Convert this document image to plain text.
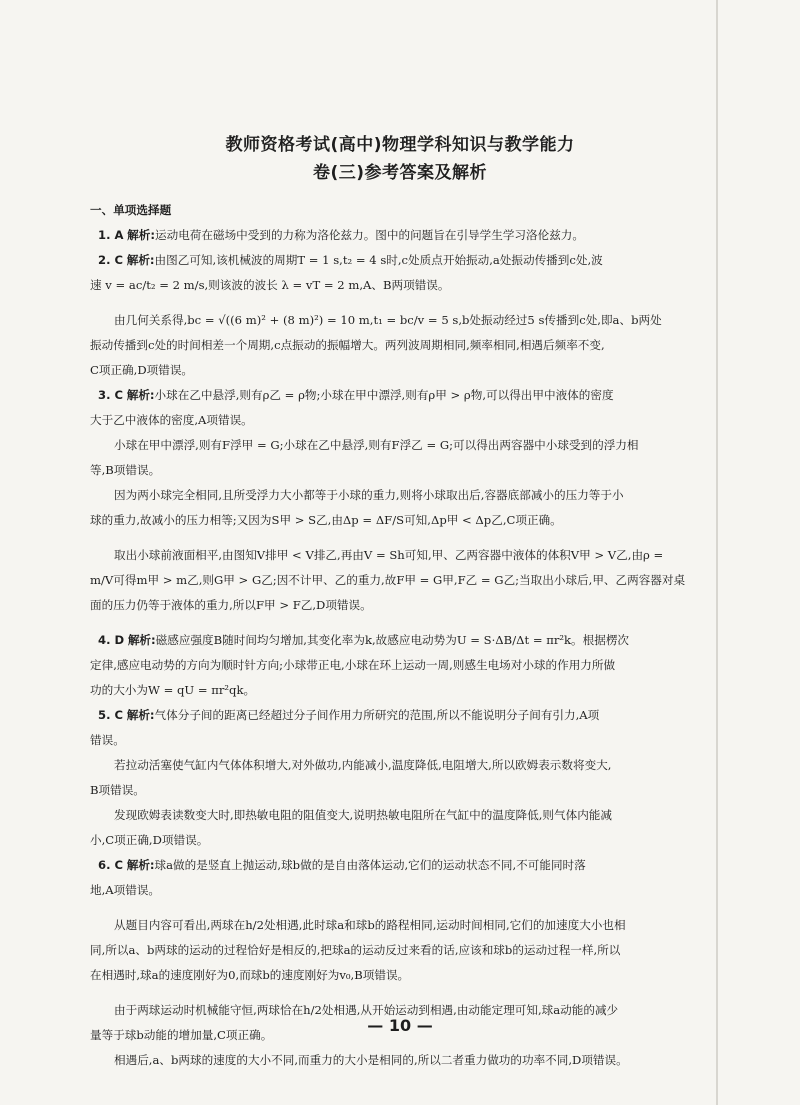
教师资格考试(高中)物理学科知识与教学能力
卷(三)参考答案及解析

一、单项选择题

1. A 解析:运动电荷在磁场中受到的力称为洛伦兹力。图中的问题旨在引导学生学习洛伦兹力。

2. C 解析:由图乙可知,该机械波的周期T = 1 s,t₂ = 4 s时,c处质点开始振动,a处振动传播到c处,波

速 v = ac/t₂ = 2 m/s,则该波的波长 λ = vT = 2 m,A、B两项错误。

由几何关系得,bc = √((6 m)² + (8 m)²) = 10 m,t₁ = bc/v = 5 s,b处振动经过5 s传播到c处,即a、b两处

振动传播到c处的时间相差一个周期,c点振动的振幅增大。两列波周期相同,频率相同,相遇后频率不变,

C项正确,D项错误。

3. C 解析:小球在乙中悬浮,则有ρ乙 = ρ物;小球在甲中漂浮,则有ρ甲 > ρ物,可以得出甲中液体的密度

大于乙中液体的密度,A项错误。

小球在甲中漂浮,则有F浮甲 = G;小球在乙中悬浮,则有F浮乙 = G;可以得出两容器中小球受到的浮力相

等,B项错误。

因为两小球完全相同,且所受浮力大小都等于小球的重力,则将小球取出后,容器底部减小的压力等于小

球的重力,故减小的压力相等;又因为S甲 > S乙,由Δp = ΔF/S可知,Δp甲 < Δp乙,C项正确。

取出小球前液面相平,由图知V排甲 < V排乙,再由V = Sh可知,甲、乙两容器中液体的体积V甲 > V乙,由ρ =

m/V可得m甲 > m乙,则G甲 > G乙;因不计甲、乙的重力,故F甲 = G甲,F乙 = G乙;当取出小球后,甲、乙两容器对桌

面的压力仍等于液体的重力,所以F甲 > F乙,D项错误。

4. D 解析:磁感应强度B随时间均匀增加,其变化率为k,故感应电动势为U = S·ΔB/Δt = πr²k。根据楞次

定律,感应电动势的方向为顺时针方向;小球带正电,小球在环上运动一周,则感生电场对小球的作用力所做

功的大小为W = qU = πr²qk。

5. C 解析:气体分子间的距离已经超过分子间作用力所研究的范围,所以不能说明分子间有引力,A项

错误。

若拉动活塞使气缸内气体体积增大,对外做功,内能减小,温度降低,电阻增大,所以欧姆表示数将变大,

B项错误。

发现欧姆表读数变大时,即热敏电阻的阻值变大,说明热敏电阻所在气缸中的温度降低,则气体内能减

小,C项正确,D项错误。

6. C 解析:球a做的是竖直上抛运动,球b做的是自由落体运动,它们的运动状态不同,不可能同时落

地,A项错误。

从题目内容可看出,两球在h/2处相遇,此时球a和球b的路程相同,运动时间相同,它们的加速度大小也相

同,所以a、b两球的运动的过程恰好是相反的,把球a的运动反过来看的话,应该和球b的运动过程一样,所以

在相遇时,球a的速度刚好为0,而球b的速度刚好为v₀,B项错误。

由于两球运动时机械能守恒,两球恰在h/2处相遇,从开始运动到相遇,由动能定理可知,球a动能的减少

量等于球b动能的增加量,C项正确。

相遇后,a、b两球的速度的大小不同,而重力的大小是相同的,所以二者重力做功的功率不同,D项错误。

— 10 —
